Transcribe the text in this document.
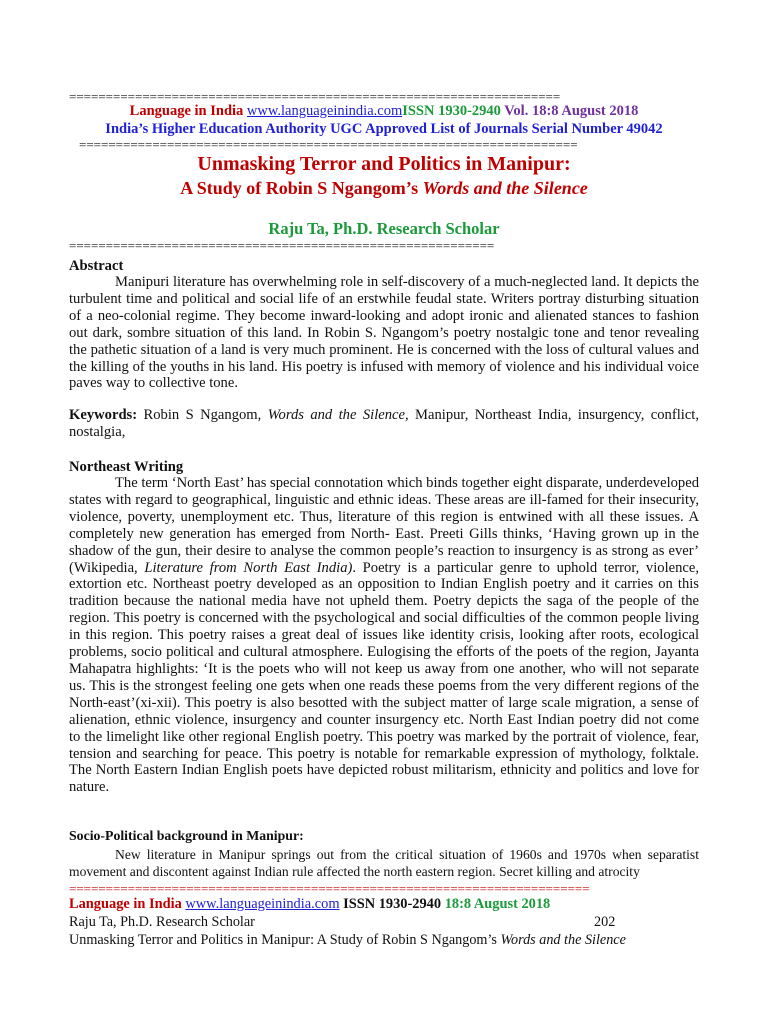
===================================================================
Language in India www.languageinindia.comISSN 1930-2940 Vol. 18:8 August 2018
India’s Higher Education Authority UGC Approved List of Journals Serial Number 49042
====================================================================
Unmasking Terror and Politics in Manipur:
A Study of Robin S Ngangom’s Words and the Silence
Raju Ta, Ph.D. Research Scholar
==========================================================
Abstract

Manipuri literature has overwhelming role in self-discovery of a much-neglected land. It depicts the turbulent time and political and social life of an erstwhile feudal state. Writers portray disturbing situation of a neo-colonial regime. They become inward-looking and adopt ironic and alienated stances to fashion out dark, sombre situation of this land. In Robin S. Ngangom’s poetry nostalgic tone and tenor revealing the pathetic situation of a land is very much prominent. He is concerned with the loss of cultural values and the killing of the youths in his land. His poetry is infused with memory of violence and his individual voice paves way to collective tone.

Keywords: Robin S Ngangom, Words and the Silence, Manipur, Northeast India, insurgency, conflict, nostalgia,
Northeast Writing

The term ‘North East’ has special connotation which binds together eight disparate, underdeveloped states with regard to geographical, linguistic and ethnic ideas. These areas are ill-famed for their insecurity, violence, poverty, unemployment etc. Thus, literature of this region is entwined with all these issues. A completely new generation has emerged from North- East. Preeti Gills thinks, ‘Having grown up in the shadow of the gun, their desire to analyse the common people’s reaction to insurgency is as strong as ever’ (Wikipedia, Literature from North East India). Poetry is a particular genre to uphold terror, violence, extortion etc. Northeast poetry developed as an opposition to Indian English poetry and it carries on this tradition because the national media have not upheld them. Poetry depicts the saga of the people of the region. This poetry is concerned with the psychological and social difficulties of the common people living in this region. This poetry raises a great deal of issues like identity crisis, looking after roots, ecological problems, socio political and cultural atmosphere. Eulogising the efforts of the poets of the region, Jayanta Mahapatra highlights: ‘It is the poets who will not keep us away from one another, who will not separate us. This is the strongest feeling one gets when one reads these poems from the very different regions of the North-east’(xi-xii). This poetry is also besotted with the subject matter of large scale migration, a sense of alienation, ethnic violence, insurgency and counter insurgency etc. North East Indian poetry did not come to the limelight like other regional English poetry. This poetry was marked by the portrait of violence, fear, tension and searching for peace. This poetry is notable for remarkable expression of mythology, folktale. The North Eastern Indian English poets have depicted robust militarism, ethnicity and politics and love for nature.

Socio-Political background in Manipur:

New literature in Manipur springs out from the critical situation of 1960s and 1970s when separatist movement and discontent against Indian rule affected the north eastern region. Secret killing and atrocity

=======================================================================
Language in India www.languageinindia.com ISSN 1930-2940 18:8 August 2018
Raju Ta, Ph.D. Research Scholar	202
Unmasking Terror and Politics in Manipur: A Study of Robin S Ngangom’s Words and the Silence
